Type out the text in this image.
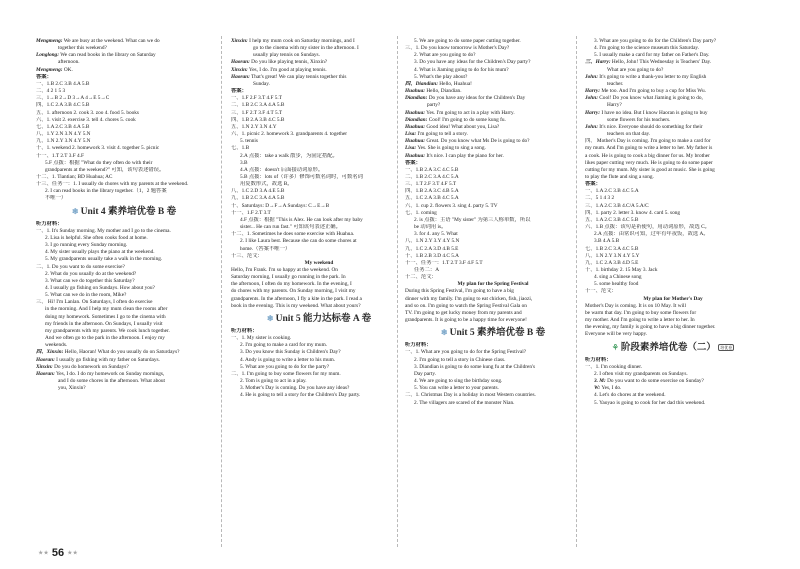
Mengmeng: We are busy at the weekend. What can we do
together this weekend?
Longlong: We can read books in the library on Saturday
afternoon.
Mengmeng: OK.
答案：
一、1.B 2.C 3.B 4.A 5.B
二、4 2 1 5 3
三、1→B 2→D 3→A 4→E 5→C
四、1.C 2.A 3.B 4.C 5.B
五、1. afternoon 2. cook 3. zoo 4. food 5. books
六、1. visit 2. exercise 3. tell 4. chores 5. cook
七、1.A 2.C 3.B 4.A 5.B
八、1.Y 2.N 3.N 4.Y 5.N
九、1.N 2.Y 3.N 4.Y 5.N
十、1. weekend 2. homework 3. visit 4. together 5. picnic
十一、1.T 2.T 3.F 4.F
5.F 点拨：根据 "What do they often do with their
grandparents at the weekend?" 可知，该句表述错误。
十二、1. Tiantian; BD Huahua; AC
十三、任务一：1. I usually do chores with my parents at the weekend.
2. I can read books in the library together.（1，2 题答案
不唯一）
❄ Unit 4 素养培优卷 B 卷
听力材料：
一、1. It's Sunday morning. My mother and I go to the cinema.
2. Lisa is helpful. She often cooks food at home.
3. I go running every Sunday morning.
4. My sister usually plays the piano at the weekend.
5. My grandparents usually take a walk in the morning.
二、1. Do you want to do some exercise?
2. What do you usually do at the weekend?
3. What can we do together this Saturday?
4. I usually go fishing on Sundays. How about you?
5. What can we do in the room, Mike?
三、 Hi! I'm Lanlan. On Saturdays, I often do exercise
in the morning. And I help my mum clean the rooms after
doing my homework. Sometimes I go to the cinema with
my friends in the afternoon. On Sundays, I usually visit
my grandparents with my parents. We cook lunch together.
And we often go to the park in the afternoon. I enjoy my
weekends.
四、Xinxin: Hello, Haoran! What do you usually do on Saturdays?
Haoran: I usually go fishing with my father on Saturdays.
Xinxin: Do you do homework on Sundays?
Haoran: Yes, I do. I do my homework on Sunday mornings,
and I do some chores in the afternoon. What about
you, Xinxin?
Xinxin: I help my mum cook on Saturday mornings, and I
go to the cinema with my sister in the afternoon. I
usually play tennis on Sundays.
Haoran: Do you like playing tennis, Xinxin?
Xinxin: Yes, I do. I'm good at playing tennis.
Haoran: That's great! We can play tennis together this
Sunday.
答案：
一、1.F 2.F 3.T 4.F 5.T
二、1.B 2.C 3.A 4.A 5.B
三、1.F 2.T 3.F 4.T 5.T
四、1.B 2.A 3.B 4.C 5.B
五、1.N 2.Y 3.N 4.Y
六、1. picnic 2. homework 3. grandparents 4. together
5. tennis
七、1.B
2.A 点拨：take a walk 散步，为固定搭配。
3.B
4.A 点拨：doesn't 后面接动词原形。
5.B 点拨：lots of（许多）修饰可数名词时，可数名词
用复数形式，故选 B。
八、1.C 2.D 3.A 4.E 5.B
九、1.B 2.C 3.A 4.A 5.B
十、Saturdays: D→F→A Sundays: C→E→B
十一、1.F 2.T 3.T
4.F 点拨：根据 "This is Alex. He can look after my baby
sister... He can run fast." 可知该句表述正确。
十二、1. Sometimes he does some exercise with Huahua.
2. I like Laura best. Because she can do some chores at
home.（答案不唯一）
十三、范文：
My weekend
Hello, I'm Frank. I'm so happy at the weekend. On
Saturday morning, I usually go running in the park. In
the afternoon, I often do my homework. In the evening, I
do chores with my parents. On Sunday morning, I visit my
grandparents. In the afternoon, I fly a kite in the park. I read a
book in the evening. This is my weekend. What about yours?
❄ Unit 5 能力达标卷 A 卷
听力材料：
一、1. My sister is cooking.
2. I'm going to make a card for my mum.
3. Do you know this Sunday is Children's Day?
4. Andy is going to write a letter to his mum.
5. What are you going to do for the party?
二、1. I'm going to buy some flowers for my mum.
2. Tom is going to act in a play.
3. Mother's Day is coming. Do you have any ideas?
4. He is going to tell a story for the Children's Day party.
5. We are going to do some paper cutting together.
三、1. Do you know tomorrow is Mother's Day?
2. What are you going to do?
3. Do you have any ideas for the Children's Day party?
4. What is Jiaming going to do for his mum?
5. What's the play about?
四、Diandian: Hello, Huahua!
Huahua: Hello, Diandian.
Diandian: Do you have any ideas for the Children's Day
party?
Huahua: Yes. I'm going to act in a play with Harry.
Diandian: Cool! I'm going to do some kung fu.
Huahua: Good idea! What about you, Lisa?
Lisa: I'm going to tell a story.
Huahua: Great. Do you know what Ms De is going to do?
Lisa: Yes. She is going to sing a song.
Huahua: It's nice. I can play the piano for her.
答案：
一、1.B 2.A 3.C 4.C 5.B
二、1.B 2.C 3.A 4.C 5.A
三、1.T 2.F 3.T 4.F 5.T
四、1.B 2.A 3.C 4.B 5.A
五、1.C 2.A 3.B 4.C 5.A
六、1. cup 2. flowers 3. sing 4. party 5. TV
七、1. coming
2. is 点拨：主语 "My sister" 为第三人称单数，所以
be 动词用 is。
3. for 4. any 5. What
八、1.N 2.Y 3.Y 4.Y 5.N
九、1.C 2.A 3.D 4.B 5.E
十、1.B 2.B 3.D 4.C 5.A
十一、任务一：1.T 2.T 3.F 4.F 5.T
任务二：A
十二、范文：
My plan for the Spring Festival
During this Spring Festival, I'm going to have a big
dinner with my family. I'm going to eat chicken, fish, jiaozi,
and so on. I'm going to watch the Spring Festival Gala on
TV. I'm going to get lucky money from my parents and
grandparents. It is going to be a happy time for everyone!
❄ Unit 5 素养培优卷 B 卷
听力材料：
一、1. What are you going to do for the Spring Festival?
2. I'm going to tell a story in Chinese class.
3. Diandian is going to do some kung fu at the Children's
Day party.
4. We are going to sing the birthday song.
5. You can write a letter to your parents.
二、1. Christmas Day is a holiday in most Western countries.
2. The villagers are scared of the monster Nian.
3. What are you going to do for the Children's Day party?
4. I'm going to the science museum this Saturday.
5. I usually make a card for my father on Father's Day.
三、Harry: Hello, John! This Wednesday is Teachers' Day.
What are you going to do?
John: It's going to write a thank-you letter to my English
teacher.
Harry: Me too. And I'm going to buy a cup for Miss Wu.
John: Cool! Do you know what Jiaming is going to do,
Harry?
Harry: I have no idea. But I know Haoran is going to buy
some flowers for his teachers.
John: It's nice. Everyone should do something for their
teachers on that day.
四、 Mother's Day is coming. I'm going to make a card for
my mum. And I'm going to write a letter to her. My father is
a cook. He is going to cook a big dinner for us. My brother
likes paper cutting very much. He is going to do some paper
cutting for my mum. My sister is good at music. She is going
to play the flute and sing a song.
答案：
一、1.A 2.C 3.B 4.C 5.A
二、5 1 4 3 2
三、1.A 2.C 3.B 4.C/A 5.A/C
四、1. party 2. letter 3. know 4. card 5. song
五、1.A 2.C 3.B 4.C 5.B
六、1.B 点拨：该句是祈使句，用动词原形，故选 C。
2.A 点拨：由常识可知，过年有年夜饭，故选 A。
3.B 4.A 5.B
七、1.B 2.C 3.A 4.C 5.B
八、1.N 2.Y 3.N 4.Y 5.Y
九、1.C 2.A 3.B 4.D 5.E
十、1. birthday 2. 15 May 3. Jack
4. sing a Chinese song
5. some healthy food
十一、范文：
My plan for Mother's Day
Mother's Day is coming. It is on 10 May. It will
be warm that day. I'm going to buy some flowers for
my mother. And I'm going to write a letter to her. In
the evening, my family is going to have a big dinner together.
Everyone will be very happy.
⚘ 阶段素养培优卷（二） 培优卷
听力材料：
一、1. I'm cooking dinner.
2. I often visit my grandparents on Sundays.
3. M: Do you want to do some exercise on Sunday?
W: Yes, I do.
4. Let's do chores at the weekend.
5. Yaoyao is going to cook for her dad this weekend.
★★ 56 ★★
